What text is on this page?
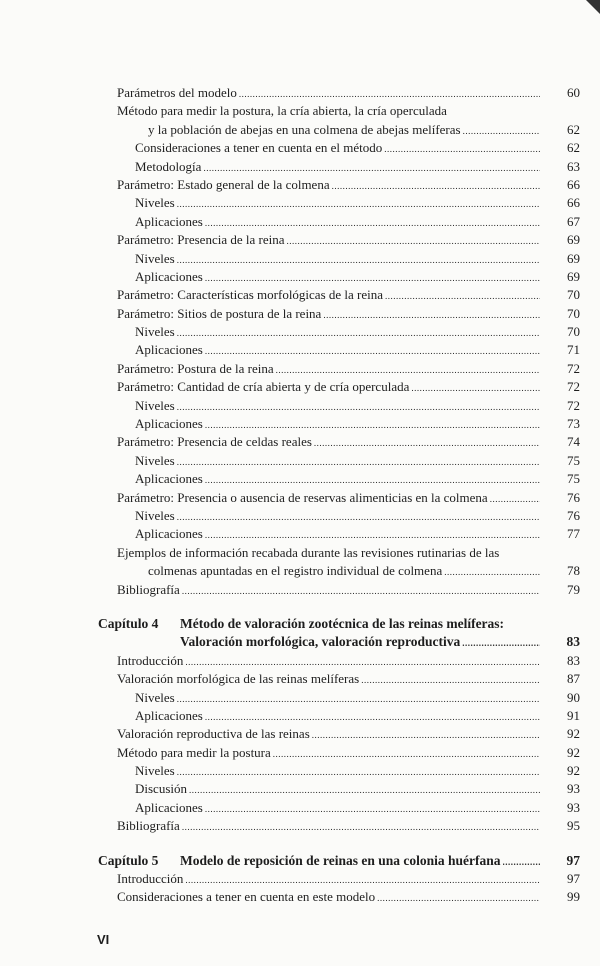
Parámetros del modelo .....	60
Método para medir la postura, la cría abierta, la cría operculada
y la población de abejas en una colmena de abejas melíferas .....	62
Consideraciones a tener en cuenta en el método .....	62
Metodología .....	63
Parámetro: Estado general de la colmena .....	66
Niveles .....	66
Aplicaciones .....	67
Parámetro: Presencia de la reina .....	69
Niveles .....	69
Aplicaciones .....	69
Parámetro: Características morfológicas de la reina .....	70
Parámetro: Sitios de postura de la reina .....	70
Niveles .....	70
Aplicaciones .....	71
Parámetro: Postura de la reina .....	72
Parámetro: Cantidad de cría abierta y de cría operculada .....	72
Niveles .....	72
Aplicaciones .....	73
Parámetro: Presencia de celdas reales .....	74
Niveles .....	75
Aplicaciones .....	75
Parámetro: Presencia o ausencia de reservas alimenticias en la colmena .....	76
Niveles .....	76
Aplicaciones .....	77
Ejemplos de información recabada durante las revisiones rutinarias de las
colmenas apuntadas en el registro individual de colmena .....	78
Bibliografía .....	79
Capítulo 4	Método de valoración zootécnica de las reinas melíferas:
Valoración morfológica, valoración reproductiva .....	83
Introducción .....	83
Valoración morfológica de las reinas melíferas .....	87
Niveles .....	90
Aplicaciones .....	91
Valoración reproductiva de las reinas .....	92
Método para medir la postura .....	92
Niveles .....	92
Discusión .....	93
Aplicaciones .....	93
Bibliografía .....	95
Capítulo 5	Modelo de reposición de reinas en una colonia huérfana .....	97
Introducción .....	97
Consideraciones a tener en cuenta en este modelo .....	99
VI
